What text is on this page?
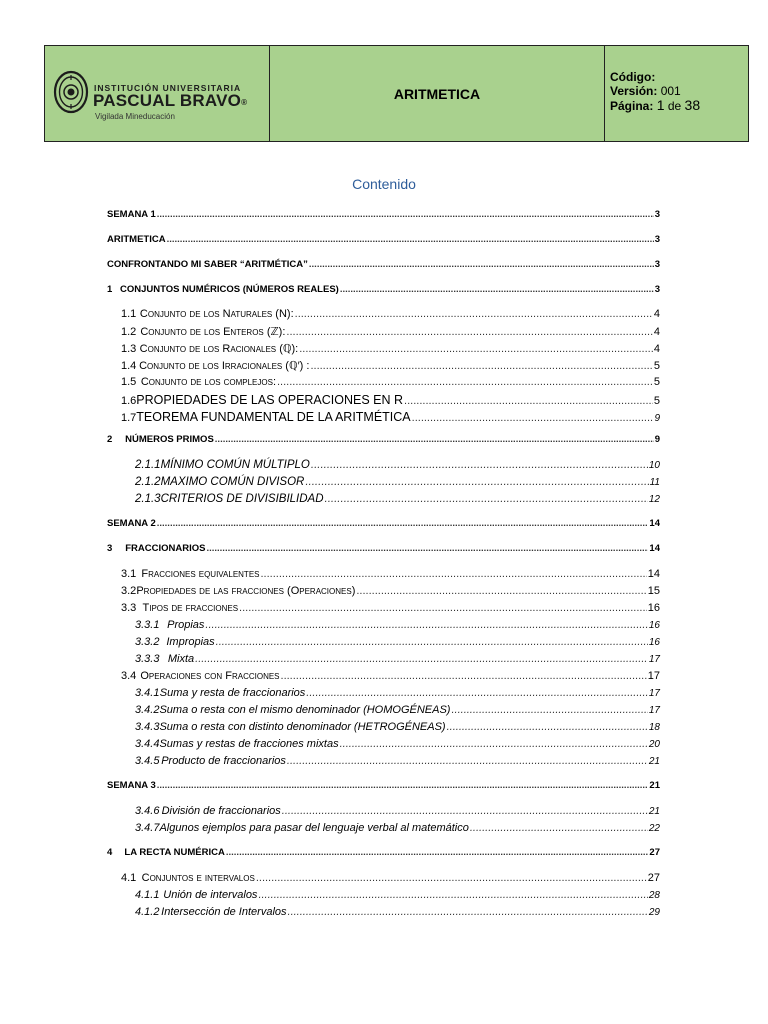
INSTITUCIÓN UNIVERSITARIA
PASCUAL BRAVO®
Vigilada Mineducación
ARITMETICA
Código:
Versión: 001
Página: 1 de 38
Contenido
SEMANA 1 .....	3
ARITMETICA .....	3
CONFRONTANDO MI SABER “ARITMÉTICA” .....	3
1 CONJUNTOS NUMÉRICOS (NÚMEROS REALES) .....	3
1.1 Conjunto de los Naturales (N): .....	4
1.2 Conjunto de los Enteros (ℤ): .....	4
1.3 Conjunto de los Racionales (ℚ): .....	4
1.4 Conjunto de los Irracionales (ℚ′) : .....	5
1.5 Conjunto de los complejos: .....	5
1.6 PROPIEDADES DE LAS OPERACIONES EN R .....	5
1.7 TEOREMA FUNDAMENTAL DE LA ARITMÉTICA .....	9
2	NÚMEROS PRIMOS .....	9
2.1.1 MÍNIMO COMÚN MÚLTIPLO .....	10
2.1.2 MAXIMO COMÚN DIVISOR .....	11
2.1.3 CRITERIOS DE DIVISIBILIDAD .....	12
SEMANA 2 .....	14
3	FRACCIONARIOS .....	14
3.1 Fracciones equivalentes .....	14
3.2 Propiedades de las fracciones (Operaciones) .....	15
3.3 Tipos de fracciones .....	16
3.3.1 Propias .....	16
3.3.2 Impropias .....	16
3.3.3 Mixta .....	17
3.4 Operaciones con Fracciones .....	17
3.4.1 Suma y resta de fraccionarios .....	17
3.4.2 Suma o resta con el mismo denominador (HOMOGÉNEAS) .....	17
3.4.3 Suma o resta con distinto denominador (HETROGÉNEAS) .....	18
3.4.4 Sumas y restas de fracciones mixtas .....	20
3.4.5 Producto de fraccionarios .....	21
SEMANA 3 .....	21
3.4.6 División de fraccionarios .....	21
3.4.7 Algunos ejemplos para pasar del lenguaje verbal al matemático .....	22
4	LA RECTA NUMÉRICA .....	27
4.1 Conjuntos e intervalos .....	27
4.1.1 Unión de intervalos .....	28
4.1.2 Intersección de Intervalos .....	29
